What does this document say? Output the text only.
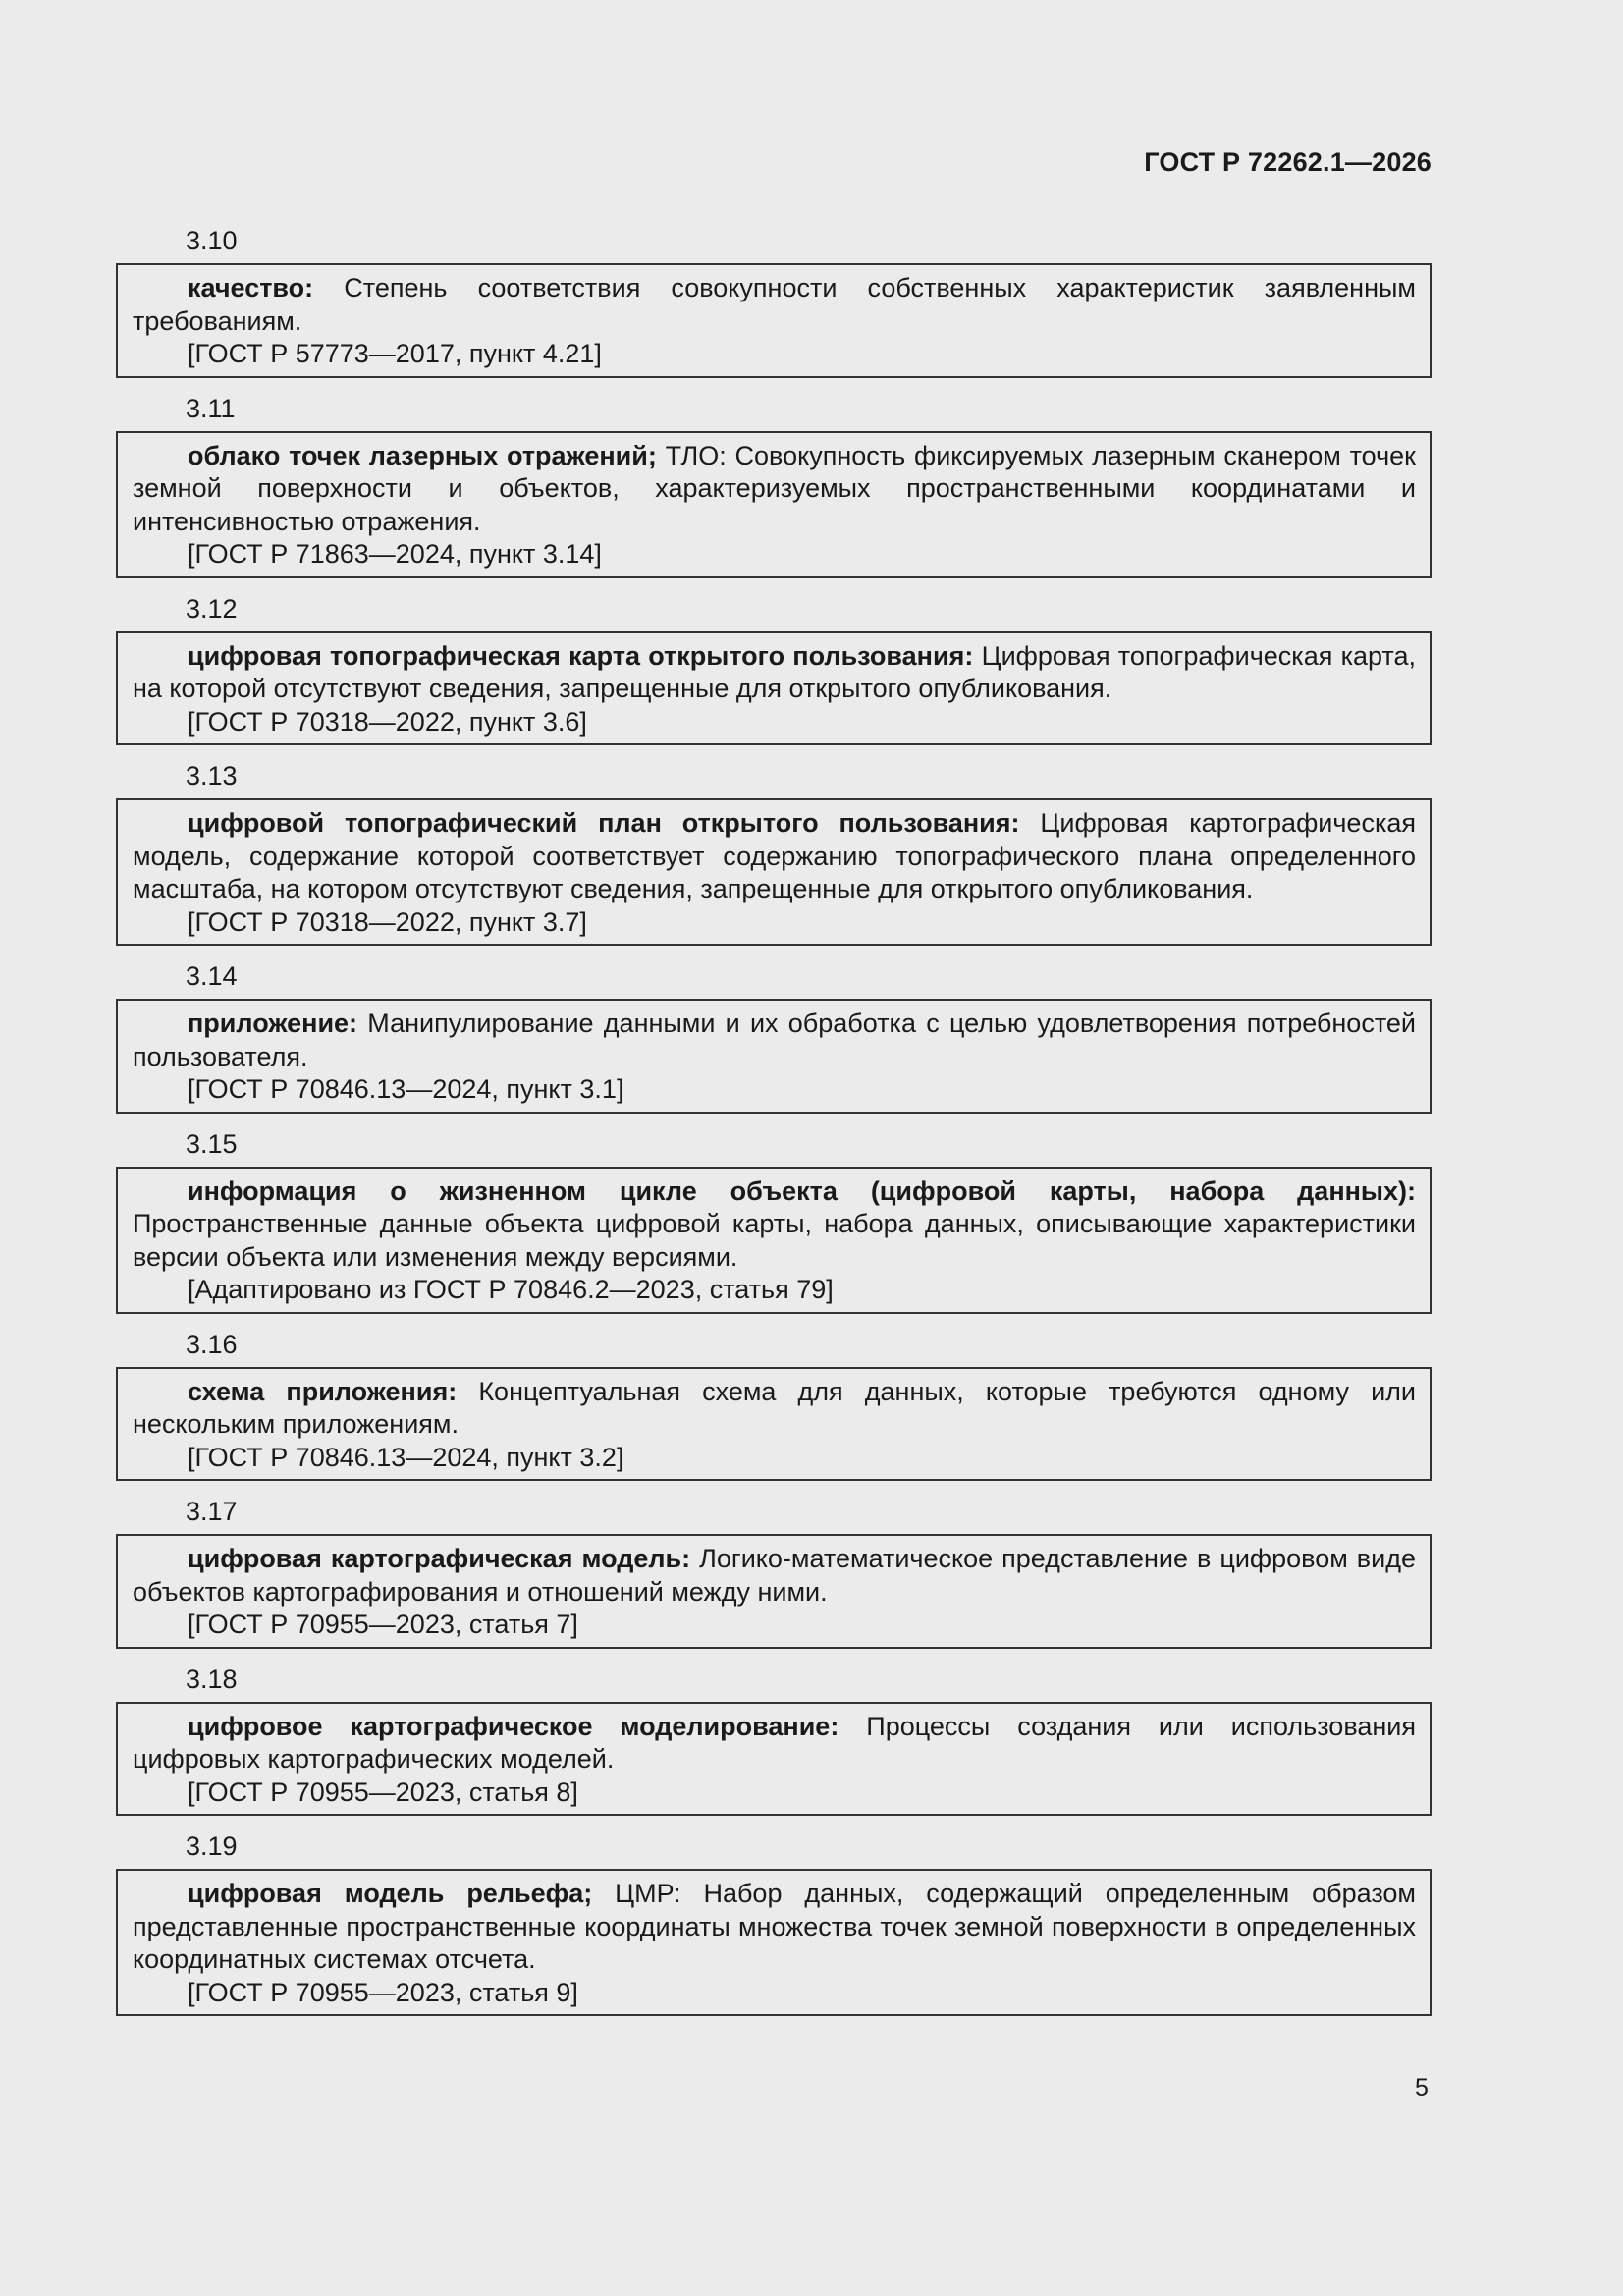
ГОСТ Р 72262.1—2026
3.10
качество: Степень соответствия совокупности собственных характеристик заявленным требованиям.
[ГОСТ Р 57773—2017, пункт 4.21]
3.11
облако точек лазерных отражений; ТЛО: Совокупность фиксируемых лазерным сканером точек земной поверхности и объектов, характеризуемых пространственными координатами и интенсивностью отражения.
[ГОСТ Р 71863—2024, пункт 3.14]
3.12
цифровая топографическая карта открытого пользования: Цифровая топографическая карта, на которой отсутствуют сведения, запрещенные для открытого опубликования.
[ГОСТ Р 70318—2022, пункт 3.6]
3.13
цифровой топографический план открытого пользования: Цифровая картографическая модель, содержание которой соответствует содержанию топографического плана определенного масштаба, на котором отсутствуют сведения, запрещенные для открытого опубликования.
[ГОСТ Р 70318—2022, пункт 3.7]
3.14
приложение: Манипулирование данными и их обработка с целью удовлетворения потребностей пользователя.
[ГОСТ Р 70846.13—2024, пункт 3.1]
3.15
информация о жизненном цикле объекта (цифровой карты, набора данных): Пространственные данные объекта цифровой карты, набора данных, описывающие характеристики версии объекта или изменения между версиями.
[Адаптировано из ГОСТ Р 70846.2—2023, статья 79]
3.16
схема приложения: Концептуальная схема для данных, которые требуются одному или нескольким приложениям.
[ГОСТ Р 70846.13—2024, пункт 3.2]
3.17
цифровая картографическая модель: Логико-математическое представление в цифровом виде объектов картографирования и отношений между ними.
[ГОСТ Р 70955—2023, статья 7]
3.18
цифровое картографическое моделирование: Процессы создания или использования цифровых картографических моделей.
[ГОСТ Р 70955—2023, статья 8]
3.19
цифровая модель рельефа; ЦМР: Набор данных, содержащий определенным образом представленные пространственные координаты множества точек земной поверхности в определенных координатных системах отсчета.
[ГОСТ Р 70955—2023, статья 9]
5
